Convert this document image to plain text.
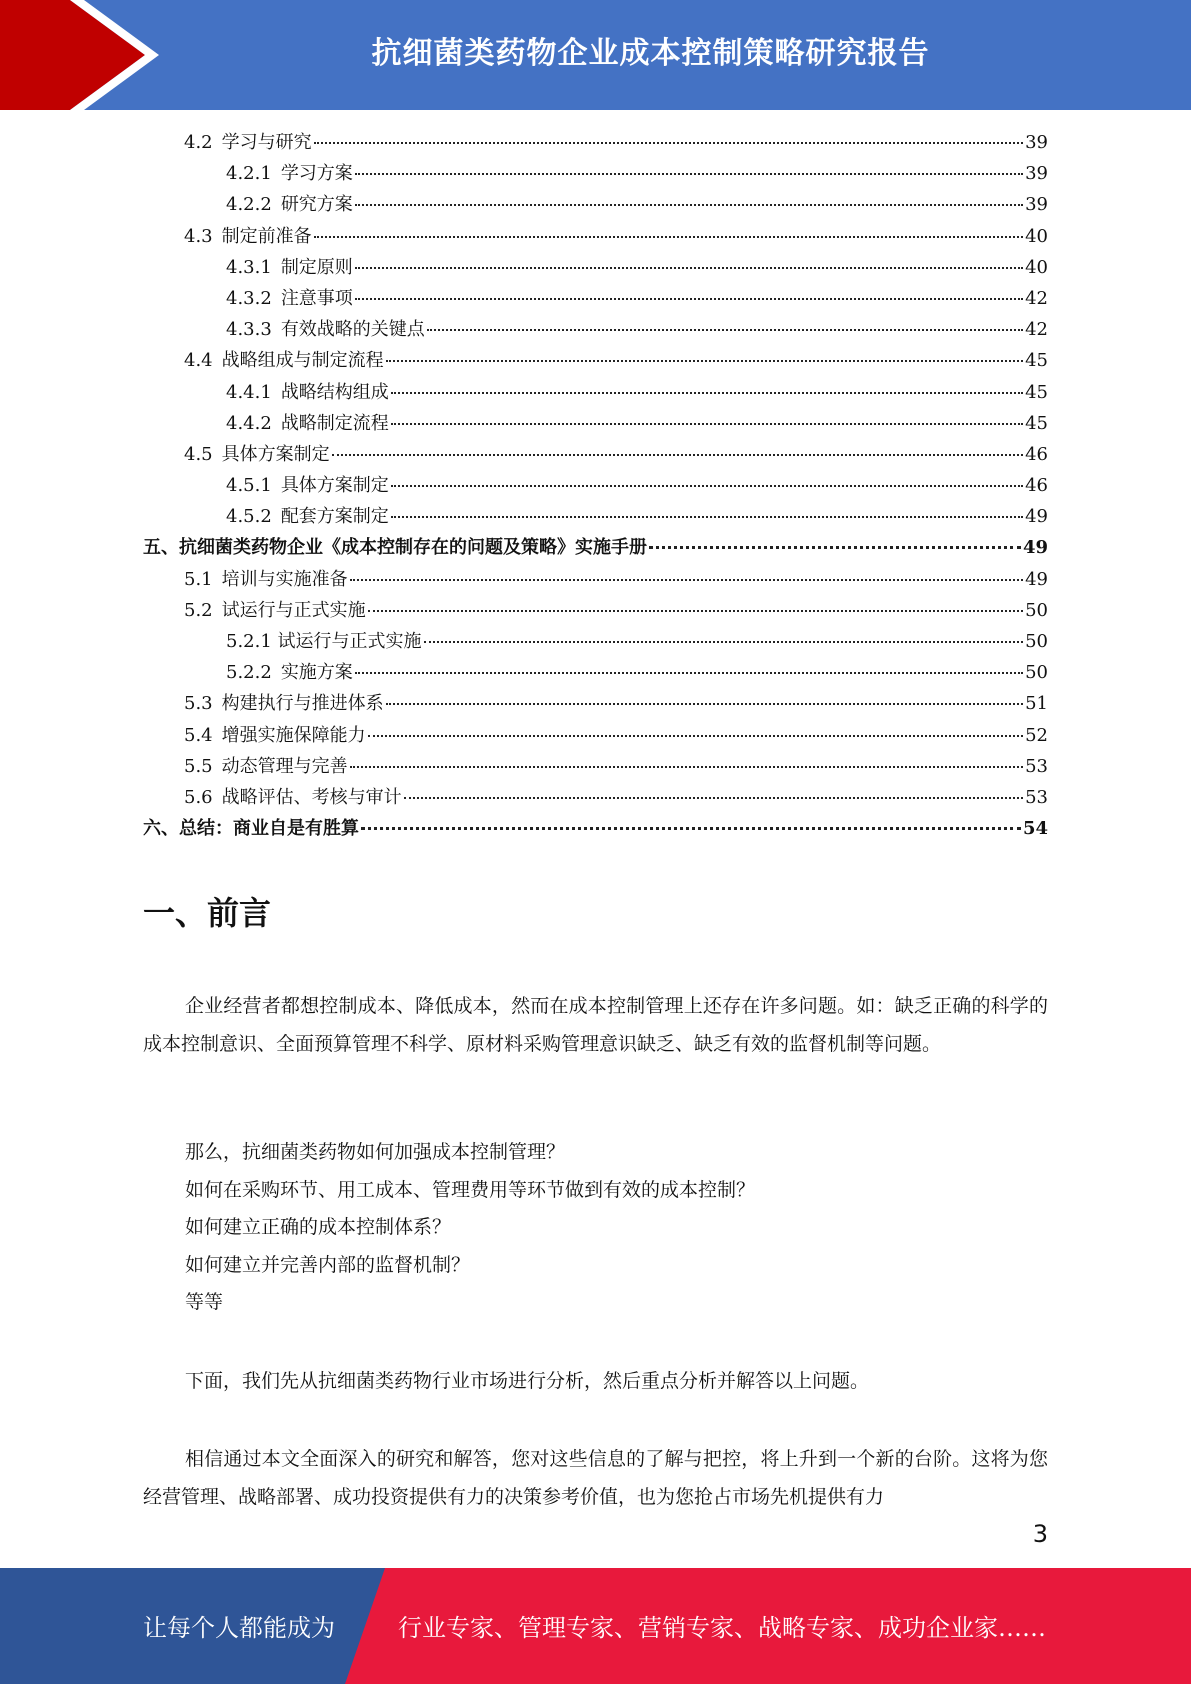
抗细菌类药物企业成本控制策略研究报告
4.2 学习与研究	39
4.2.1 学习方案	39
4.2.2 研究方案	39
4.3 制定前准备	40
4.3.1 制定原则	40
4.3.2 注意事项	42
4.3.3 有效战略的关键点	42
4.4 战略组成与制定流程	45
4.4.1 战略结构组成	45
4.4.2 战略制定流程	45
4.5 具体方案制定	46
4.5.1 具体方案制定	46
4.5.2 配套方案制定	49
五、抗细菌类药物企业《成本控制存在的问题及策略》实施手册	49
5.1 培训与实施准备	49
5.2 试运行与正式实施	50
5.2.1 试运行与正式实施	50
5.2.2 实施方案	50
5.3 构建执行与推进体系	51
5.4 增强实施保障能力	52
5.5 动态管理与完善	53
5.6 战略评估、考核与审计	53
六、总结：商业自是有胜算	54
一、前言
企业经营者都想控制成本、降低成本，然而在成本控制管理上还存在许多问题。如：缺乏正确的科学的成本控制意识、全面预算管理不科学、原材料采购管理意识缺乏、缺乏有效的监督机制等问题。
那么，抗细菌类药物如何加强成本控制管理？
如何在采购环节、用工成本、管理费用等环节做到有效的成本控制？
如何建立正确的成本控制体系？
如何建立并完善内部的监督机制？
等等
下面，我们先从抗细菌类药物行业市场进行分析，然后重点分析并解答以上问题。
相信通过本文全面深入的研究和解答，您对这些信息的了解与把控，将上升到一个新的台阶。这将为您经营管理、战略部署、成功投资提供有力的决策参考价值，也为您抢占市场先机提供有力
3
让每个人都能成为	行业专家、管理专家、营销专家、战略专家、成功企业家……
